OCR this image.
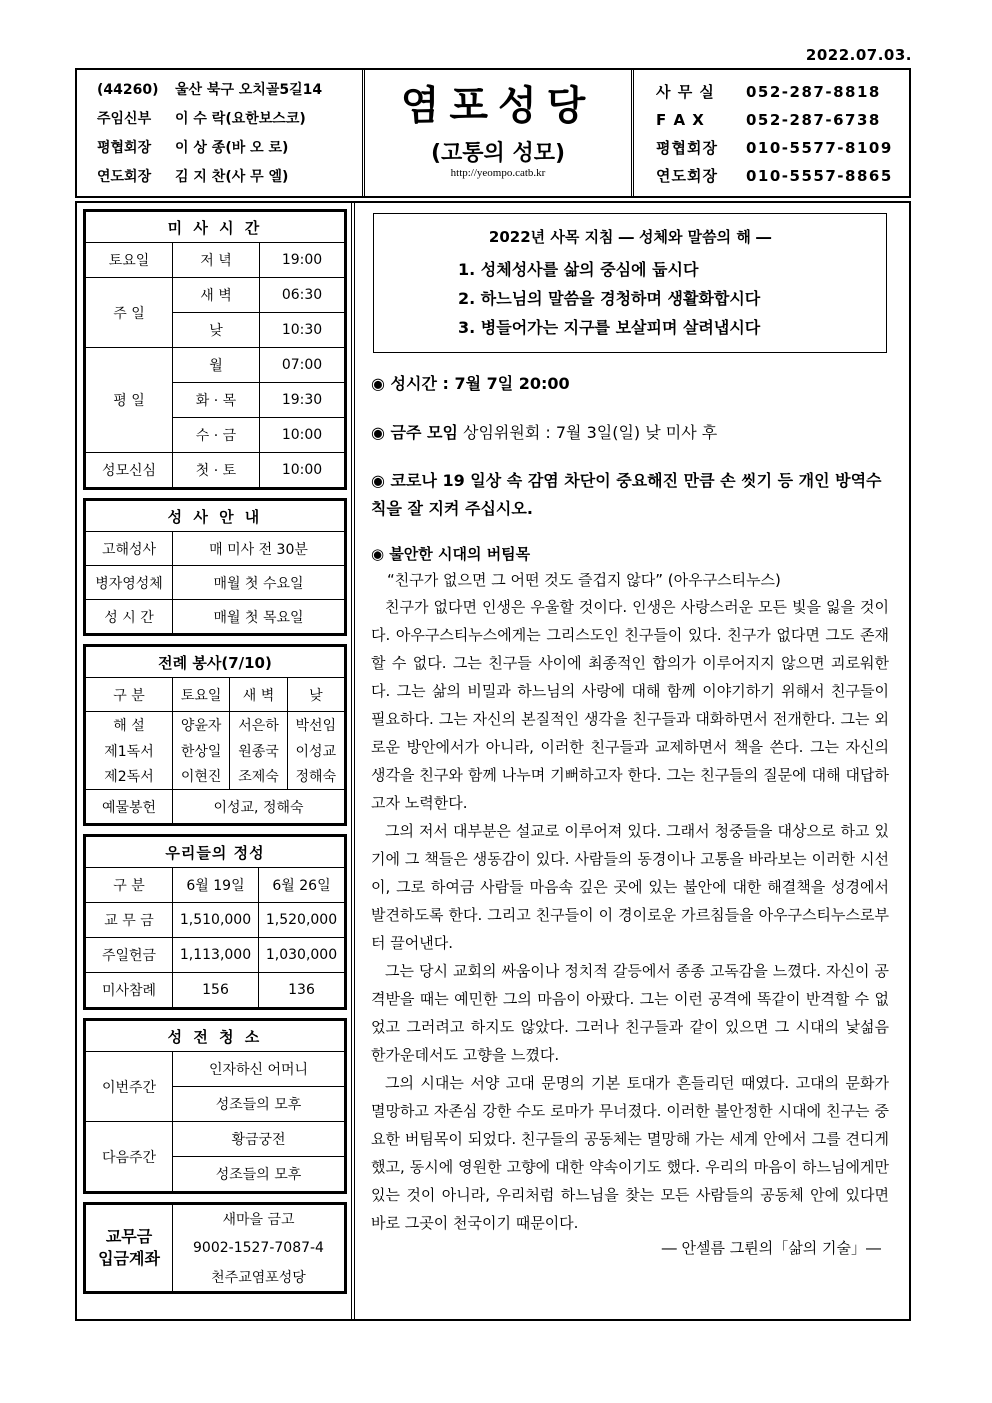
2022.07.03.
(44260) 울산 북구 오치골5길14
주임신부 이 수 락(요한보스코)
평협회장 이 상 종(바 오 로)
연도회장 김 지 찬(사 무 엘)
염포성당
(고통의 성모)
http://yeompo.catb.kr
사 무 실 052-287-8818
F A X	052-287-6738
평협회장 010-5577-8109
연도회장 010-5557-8865
미 사 시 간		
토요일	저 녁	19:00
주 일	새 벽	06:30
	낮	10:30
평 일	월	07:00
	화 · 목	19:30
	수 · 금	10:00
성모신심	첫 · 토	10:00
성 사 안 내	
고해성사	매 미사 전 30분
병자영성체	매월 첫 수요일
성 시 간	매월 첫 목요일
전례 봉사(7/10)			
구 분	토요일	새 벽	낮
해 설	양윤자	서은하	박선임
제1독서	한상일	원종국	이성교
제2독서	이현진	조제숙	정해숙
예물봉헌	이성교, 정해숙		
우리들의 정성		
구 분	6월 19일	6월 26일
교 무 금	1,510,000	1,520,000
주일헌금	1,113,000	1,030,000
미사참례	156	136
성 전 청 소	
이번주간	인자하신 어머니
	성조들의 모후
다음주간	황금궁전
	성조들의 모후
교무금
입금계좌
	새마을 금고
9002-1527-7087-4
천주교염포성당
2022년 사목 지침 ― 성체와 말씀의 해 ―
1. 성체성사를 삶의 중심에 둡시다
2. 하느님의 말씀을 경청하며 생활화합시다
3. 병들어가는 지구를 보살피며 살려냅시다
◉ 성시간 : 7월 7일 20:00
◉ 금주 모임 상임위원회 : 7월 3일(일) 낮 미사 후
◉ 코로나 19 일상 속 감염 차단이 중요해진 만큼 손 씻기 등 개인 방역수칙을 잘 지켜 주십시오.
◉ 불안한 시대의 버팀목
“친구가 없으면 그 어떤 것도 즐겁지 않다” (아우구스티누스)

친구가 없다면 인생은 우울할 것이다. 인생은 사랑스러운 모든 빛을 잃을 것이다. 아우구스티누스에게는 그리스도인 친구들이 있다. 친구가 없다면 그도 존재할 수 없다. 그는 친구들 사이에 최종적인 합의가 이루어지지 않으면 괴로워한다. 그는 삶의 비밀과 하느님의 사랑에 대해 함께 이야기하기 위해서 친구들이 필요하다. 그는 자신의 본질적인 생각을 친구들과 대화하면서 전개한다. 그는 외로운 방안에서가 아니라, 이러한 친구들과 교제하면서 책을 쓴다. 그는 자신의 생각을 친구와 함께 나누며 기뻐하고자 한다. 그는 친구들의 질문에 대해 대답하고자 노력한다.

그의 저서 대부분은 설교로 이루어져 있다. 그래서 청중들을 대상으로 하고 있기에 그 책들은 생동감이 있다. 사람들의 동경이나 고통을 바라보는 이러한 시선이, 그로 하여금 사람들 마음속 깊은 곳에 있는 불안에 대한 해결책을 성경에서 발견하도록 한다. 그리고 친구들이 이 경이로운 가르침들을 아우구스티누스로부터 끌어낸다.

그는 당시 교회의 싸움이나 정치적 갈등에서 종종 고독감을 느꼈다. 자신이 공격받을 때는 예민한 그의 마음이 아팠다. 그는 이런 공격에 똑같이 반격할 수 없었고 그러려고 하지도 않았다. 그러나 친구들과 같이 있으면 그 시대의 낯섦음 한가운데서도 고향을 느꼈다.

그의 시대는 서양 고대 문명의 기본 토대가 흔들리던 때였다. 고대의 문화가 멸망하고 자존심 강한 수도 로마가 무너졌다. 이러한 불안정한 시대에 친구는 중요한 버팀목이 되었다. 친구들의 공동체는 멸망해 가는 세계 안에서 그를 견디게 했고, 동시에 영원한 고향에 대한 약속이기도 했다. 우리의 마음이 하느님에게만 있는 것이 아니라, 우리처럼 하느님을 찾는 모든 사람들의 공동체 안에 있다면 바로 그곳이 천국이기 때문이다.

― 안셀름 그륀의「삶의 기술」―
